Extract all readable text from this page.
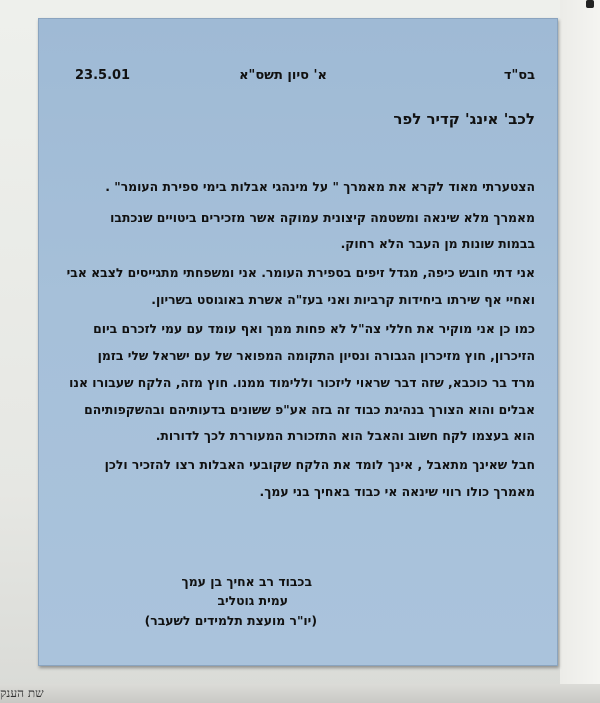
בס"ד
א' סיון תשס"א
23.5.01
לכב' אינג' קדיר לפר
הצטערתי מאוד לקרא את מאמרך " על מינהגי אבלות בימי ספירת העומר" .
מאמרך מלא שינאה ומשטמה קיצונית עמוקה אשר מזכירים ביטויים שנכתבו
בבמות שונות מן העבר הלא רחוק.
אני דתי חובש כיפה, מגדל זיפים בספירת העומר. אני ומשפחתי מתגייסים לצבא אבי
ואחיי אף שירתו ביחידות קרביות ואני בעז"ה אשרת באוגוסט בשריון.
כמו כן אני מוקיר את חללי צה"ל לא פחות ממך ואף עומד עם עמי לזכרם ביום
הזיכרון, חוץ מזיכרון הגבורה ונסיון התקומה המפואר של עם ישראל שלי בזמן
מרד בר כוכבא, שזה דבר שראוי ליזכור וללימוד ממנו. חוץ מזה, הלקח שעבורו אנו
אבלים והוא הצורך בנהיגת כבוד זה בזה אע"פ ששונים בדעותיהם ובהשקפותיהם
הוא בעצמו לקח חשוב והאבל הוא התזכורת המעוררת לכך לדורות.
חבל שאינך מתאבל , אינך לומד את הלקח שקובעי האבלות רצו להזכיר ולכן
מאמרך כולו רווי שינאה אי כבוד באחיך בני עמך.
בכבוד רב אחיך בן עמך
עמית גוטליב
(יו"ר מועצת תלמידים לשעבר)
שת הענק
